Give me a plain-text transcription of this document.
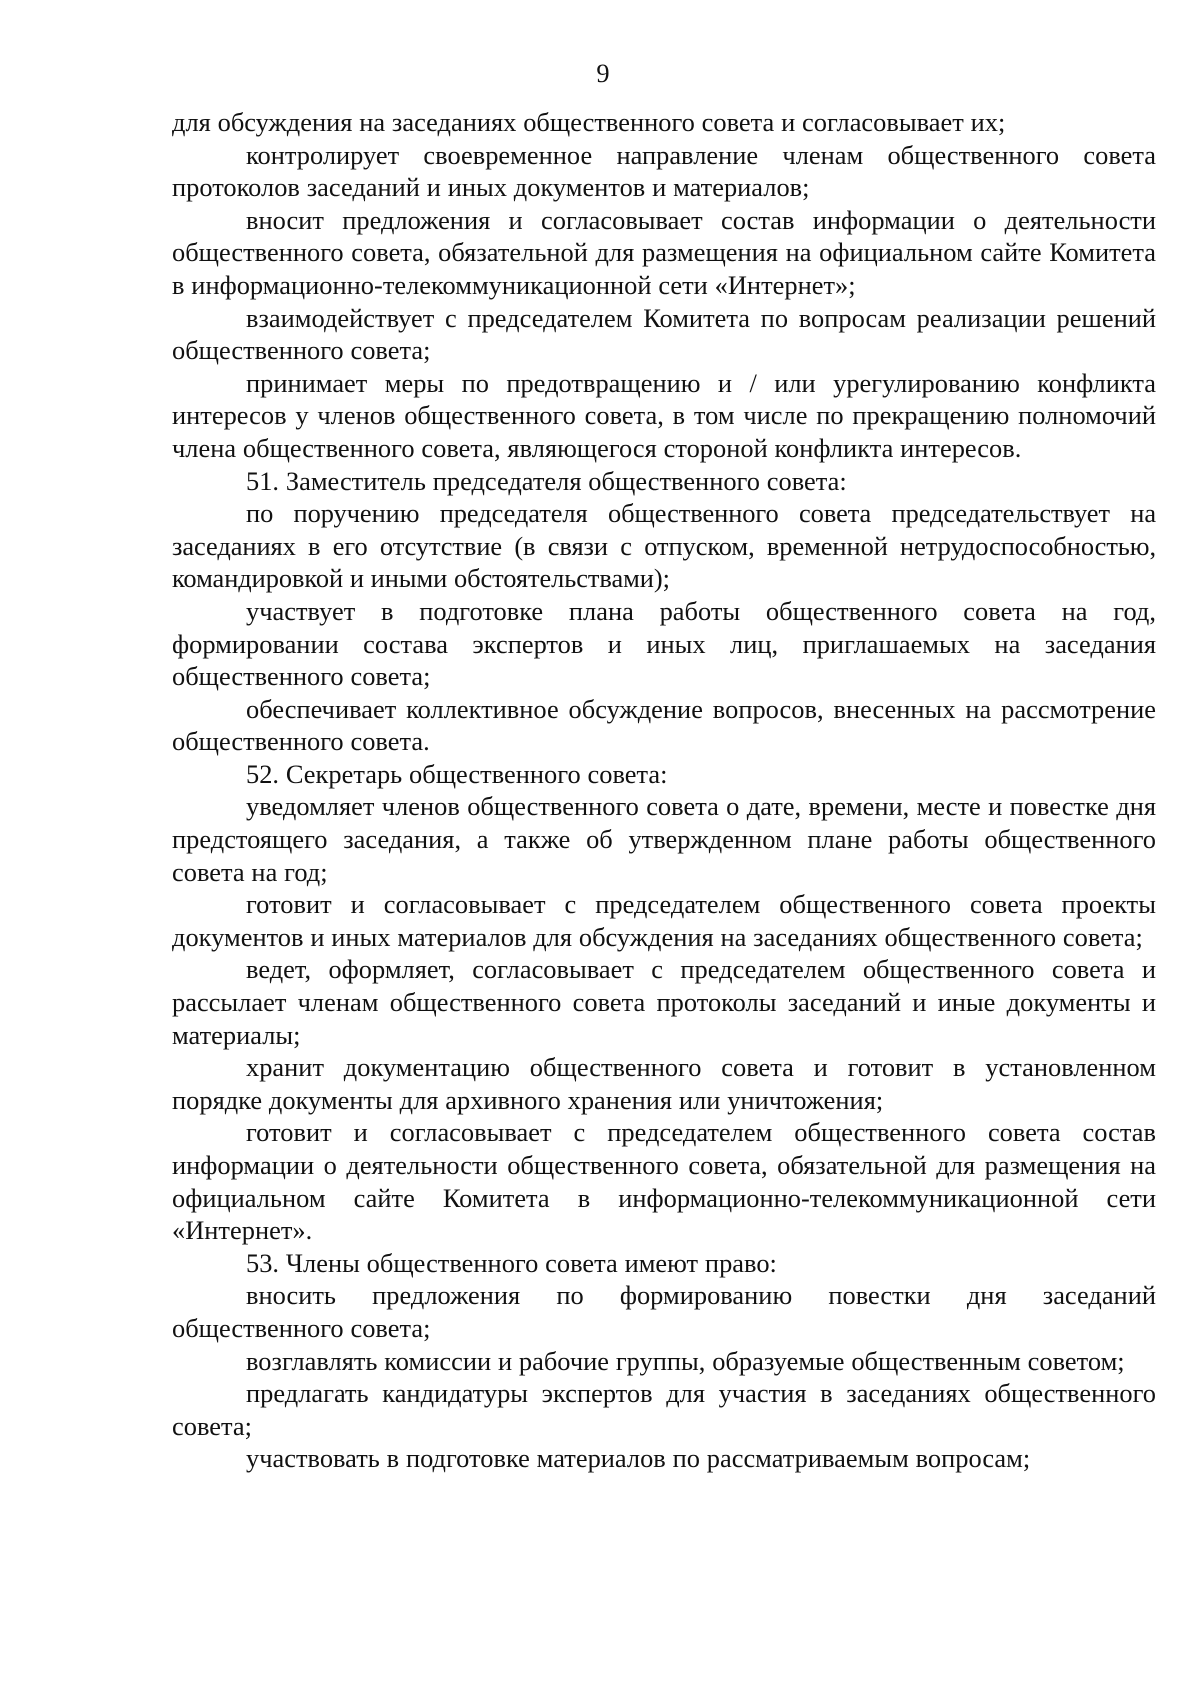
9

для обсуждения на заседаниях общественного совета и согласовывает их;

контролирует своевременное направление членам общественного совета протоколов заседаний и иных документов и материалов;

вносит предложения и согласовывает состав информации о деятельности общественного совета, обязательной для размещения на официальном сайте Комитета в информационно-телекоммуникационной сети «Интернет»;

взаимодействует с председателем Комитета по вопросам реализации решений общественного совета;

принимает меры по предотвращению и / или урегулированию конфликта интересов у членов общественного совета, в том числе по прекращению полномочий члена общественного совета, являющегося стороной конфликта интересов.

51. Заместитель председателя общественного совета:

по поручению председателя общественного совета председательствует на заседаниях в его отсутствие (в связи с отпуском, временной нетрудоспособностью, командировкой и иными обстоятельствами);

участвует в подготовке плана работы общественного совета на год, формировании состава экспертов и иных лиц, приглашаемых на заседания общественного совета;

обеспечивает коллективное обсуждение вопросов, внесенных на рассмотрение общественного совета.

52. Секретарь общественного совета:

уведомляет членов общественного совета о дате, времени, месте и повестке дня предстоящего заседания, а также об утвержденном плане работы общественного совета на год;

готовит и согласовывает с председателем общественного совета проекты документов и иных материалов для обсуждения на заседаниях общественного совета;

ведет, оформляет, согласовывает с председателем общественного совета и рассылает членам общественного совета протоколы заседаний и иные документы и материалы;

хранит документацию общественного совета и готовит в установленном порядке документы для архивного хранения или уничтожения;

готовит и согласовывает с председателем общественного совета состав информации о деятельности общественного совета, обязательной для размещения на официальном сайте Комитета в информационно-телекоммуникационной сети «Интернет».

53. Члены общественного совета имеют право:

вносить предложения по формированию повестки дня заседаний общественного совета;

возглавлять комиссии и рабочие группы, образуемые общественным советом;

предлагать кандидатуры экспертов для участия в заседаниях общественного совета;

участвовать в подготовке материалов по рассматриваемым вопросам;
